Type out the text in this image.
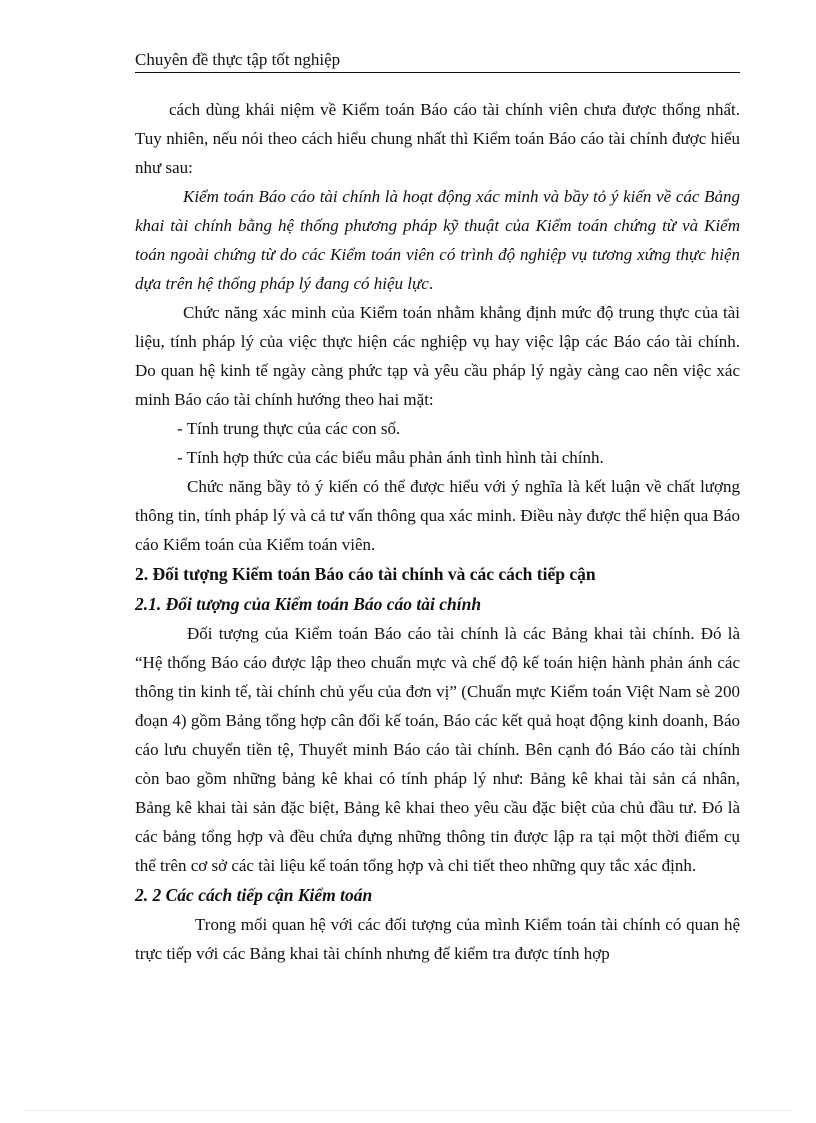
Chuyên đề thực tập tốt nghiệp

cách dùng khái niệm về Kiểm toán Báo cáo tài chính viên chưa được thống nhất. Tuy nhiên, nếu nói theo cách hiểu chung nhất thì Kiểm toán Báo cáo tài chính được hiểu như sau:

Kiểm toán Báo cáo tài chính là hoạt động xác minh và bầy tỏ ý kiến về các Bảng khai tài chính bằng hệ thống phương pháp kỹ thuật của Kiểm toán chứng từ và Kiểm toán ngoài chứng từ do các Kiểm toán viên có trình độ nghiệp vụ tương xứng thực hiện dựa trên hệ thống pháp lý đang có hiệu lực.

Chức năng xác minh của Kiểm toán nhằm khẳng định mức độ trung thực của tài liệu, tính pháp lý của việc thực hiện các nghiệp vụ hay việc lập các Báo cáo tài chính. Do quan hệ kinh tế ngày càng phức tạp và yêu cầu pháp lý ngày càng cao nên việc xác minh Báo cáo tài chính hướng theo hai mặt:

- Tính trung thực của các con số.

- Tính hợp thức của các biểu mẫu phản ánh tình hình tài chính.

Chức năng bầy tỏ ý kiến có thể được hiểu với ý nghĩa là kết luận về chất lượng thông tin, tính pháp lý và cả tư vấn thông qua xác minh. Điều này được thể hiện qua Báo cáo Kiểm toán của Kiểm toán viên.

2. Đối tượng Kiểm toán Báo cáo tài chính và các cách tiếp cận

2.1. Đối tượng của Kiểm toán Báo cáo tài chính

Đối tượng của Kiểm toán Báo cáo tài chính là các Bảng khai tài chính. Đó là “Hệ thống Báo cáo được lập theo chuẩn mực và chế độ kế toán hiện hành phản ánh các thông tin kinh tế, tài chính chủ yếu của đơn vị” (Chuẩn mực Kiểm toán Việt Nam sè 200 đoạn 4) gồm Bảng tổng hợp cân đối kế toán, Báo các kết quả hoạt động kinh doanh, Báo cáo lưu chuyển tiền tệ, Thuyết minh Báo cáo tài chính. Bên cạnh đó Báo cáo tài chính còn bao gồm những bảng kê khai có tính pháp lý như: Bảng kê khai tài sản cá nhân, Bảng kê khai tài sản đặc biệt, Bảng kê khai theo yêu cầu đặc biệt của chủ đầu tư. Đó là các bảng tổng hợp và đều chứa đựng những thông tin được lập ra tại một thời điểm cụ thể trên cơ sở các tài liệu kế toán tổng hợp và chi tiết theo những quy tắc xác định.

2. 2 Các cách tiếp cận Kiểm toán

Trong mối quan hệ với các đối tượng của mình Kiểm toán tài chính có quan hệ trực tiếp với các Bảng khai tài chính nhưng để kiểm tra được tính hợp
